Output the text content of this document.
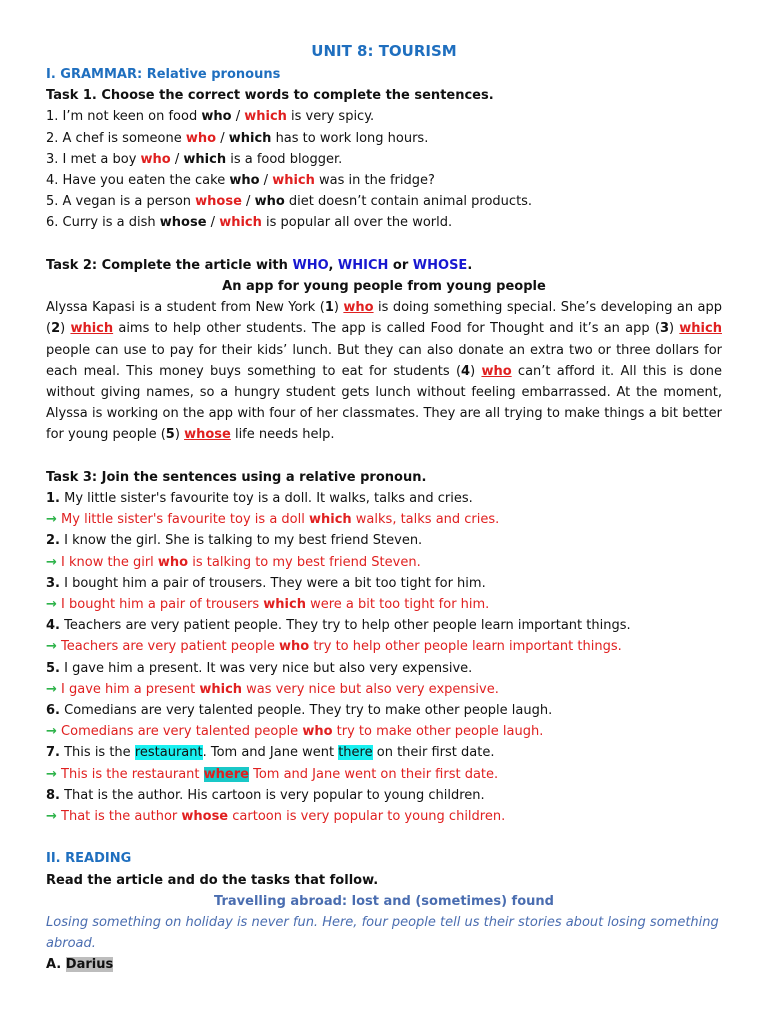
UNIT 8: TOURISM

I. GRAMMAR: Relative pronouns

Task 1. Choose the correct words to complete the sentences.

1. I’m not keen on food who / which is very spicy.

2. A chef is someone who / which has to work long hours.

3. I met a boy who / which is a food blogger.

4. Have you eaten the cake who / which was in the fridge?

5. A vegan is a person whose / who diet doesn’t contain animal products.

6. Curry is a dish whose / which is popular all over the world.

Task 2: Complete the article with WHO, WHICH or WHOSE.

An app for young people from young people

Alyssa Kapasi is a student from New York (1) who is doing something special. She’s developing an app (2) which aims to help other students. The app is called Food for Thought and it’s an app (3) which people can use to pay for their kids’ lunch. But they can also donate an extra two or three dollars for each meal. This money buys something to eat for students (4) who can’t afford it. All this is done without giving names, so a hungry student gets lunch without feeling embarrassed. At the moment, Alyssa is working on the app with four of her classmates. They are all trying to make things a bit better for young people (5) whose life needs help.

Task 3: Join the sentences using a relative pronoun.

1. My little sister's favourite toy is a doll. It walks, talks and cries.

→ My little sister's favourite toy is a doll which walks, talks and cries.

2. I know the girl. She is talking to my best friend Steven.

→ I know the girl who is talking to my best friend Steven.

3. I bought him a pair of trousers. They were a bit too tight for him.

→ I bought him a pair of trousers which were a bit too tight for him.

4. Teachers are very patient people. They try to help other people learn important things.

→ Teachers are very patient people who try to help other people learn important things.

5. I gave him a present. It was very nice but also very expensive.

→ I gave him a present which was very nice but also very expensive.

6. Comedians are very talented people. They try to make other people laugh.

→ Comedians are very talented people who try to make other people laugh.

7. This is the restaurant. Tom and Jane went there on their first date.

→ This is the restaurant where Tom and Jane went on their first date.

8. That is the author. His cartoon is very popular to young children.

→ That is the author whose cartoon is very popular to young children.

II. READING

Read the article and do the tasks that follow.

Travelling abroad: lost and (sometimes) found

Losing something on holiday is never fun. Here, four people tell us their stories about losing something abroad.

A. Darius
